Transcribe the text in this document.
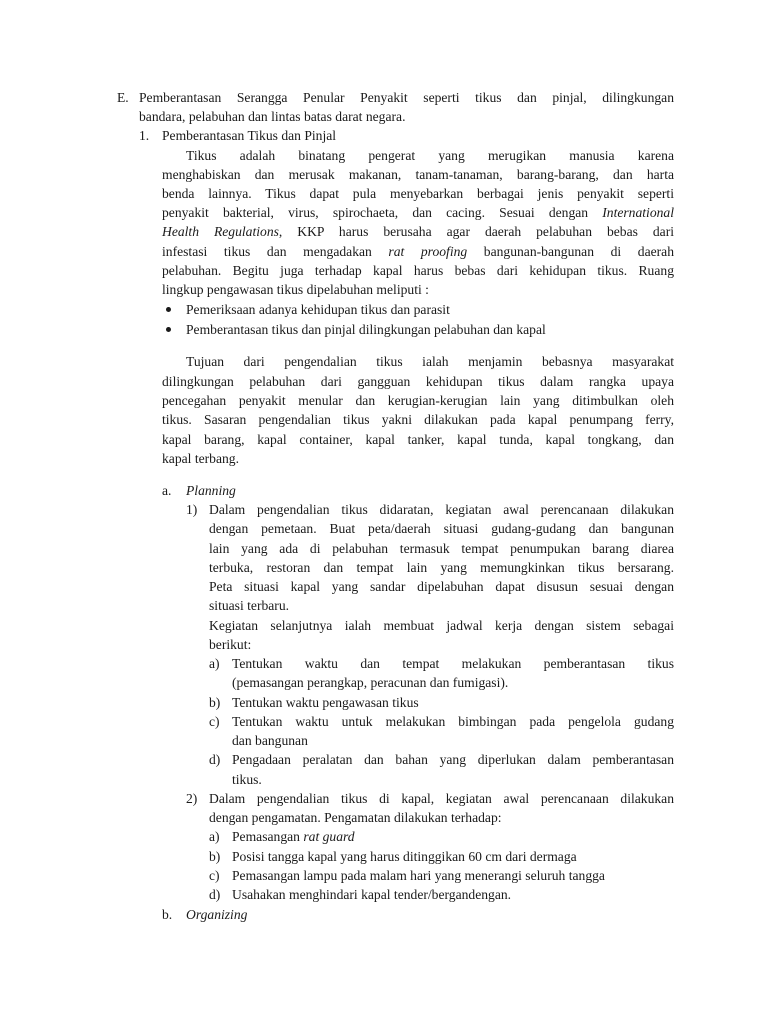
E. Pemberantasan Serangga Penular Penyakit seperti tikus dan pinjal, dilingkungan
bandara, pelabuhan dan lintas batas darat negara.
1. Pemberantasan Tikus dan Pinjal
Tikus adalah binatang pengerat yang merugikan manusia karena
menghabiskan dan merusak makanan, tanam-tanaman, barang-barang, dan harta
benda lainnya. Tikus dapat pula menyebarkan berbagai jenis penyakit seperti
penyakit bakterial, virus, spirochaeta, dan cacing. Sesuai dengan International
Health Regulations, KKP harus berusaha agar daerah pelabuhan bebas dari
infestasi tikus dan mengadakan rat proofing bangunan-bangunan di daerah
pelabuhan. Begitu juga terhadap kapal harus bebas dari kehidupan tikus. Ruang
lingkup pengawasan tikus dipelabuhan meliputi :
Pemeriksaan adanya kehidupan tikus dan parasit
Pemberantasan tikus dan pinjal dilingkungan pelabuhan dan kapal
Tujuan dari pengendalian tikus ialah menjamin bebasnya masyarakat
dilingkungan pelabuhan dari gangguan kehidupan tikus dalam rangka upaya
pencegahan penyakit menular dan kerugian-kerugian lain yang ditimbulkan oleh
tikus. Sasaran pengendalian tikus yakni dilakukan pada kapal penumpang ferry,
kapal barang, kapal container, kapal tanker, kapal tunda, kapal tongkang, dan
kapal terbang.
a. Planning
1) Dalam pengendalian tikus didaratan, kegiatan awal perencanaan dilakukan
dengan pemetaan. Buat peta/daerah situasi gudang-gudang dan bangunan
lain yang ada di pelabuhan termasuk tempat penumpukan barang diarea
terbuka, restoran dan tempat lain yang memungkinkan tikus bersarang.
Peta situasi kapal yang sandar dipelabuhan dapat disusun sesuai dengan
situasi terbaru.
Kegiatan selanjutnya ialah membuat jadwal kerja dengan sistem sebagai
berikut:
a) Tentukan waktu dan tempat melakukan pemberantasan tikus
(pemasangan perangkap, peracunan dan fumigasi).
b) Tentukan waktu pengawasan tikus
c) Tentukan waktu untuk melakukan bimbingan pada pengelola gudang
dan bangunan
d) Pengadaan peralatan dan bahan yang diperlukan dalam pemberantasan
tikus.
2) Dalam pengendalian tikus di kapal, kegiatan awal perencanaan dilakukan
dengan pengamatan. Pengamatan dilakukan terhadap:
a) Pemasangan rat guard
b) Posisi tangga kapal yang harus ditinggikan 60 cm dari dermaga
c) Pemasangan lampu pada malam hari yang menerangi seluruh tangga
d) Usahakan menghindari kapal tender/bergandengan.
b. Organizing
